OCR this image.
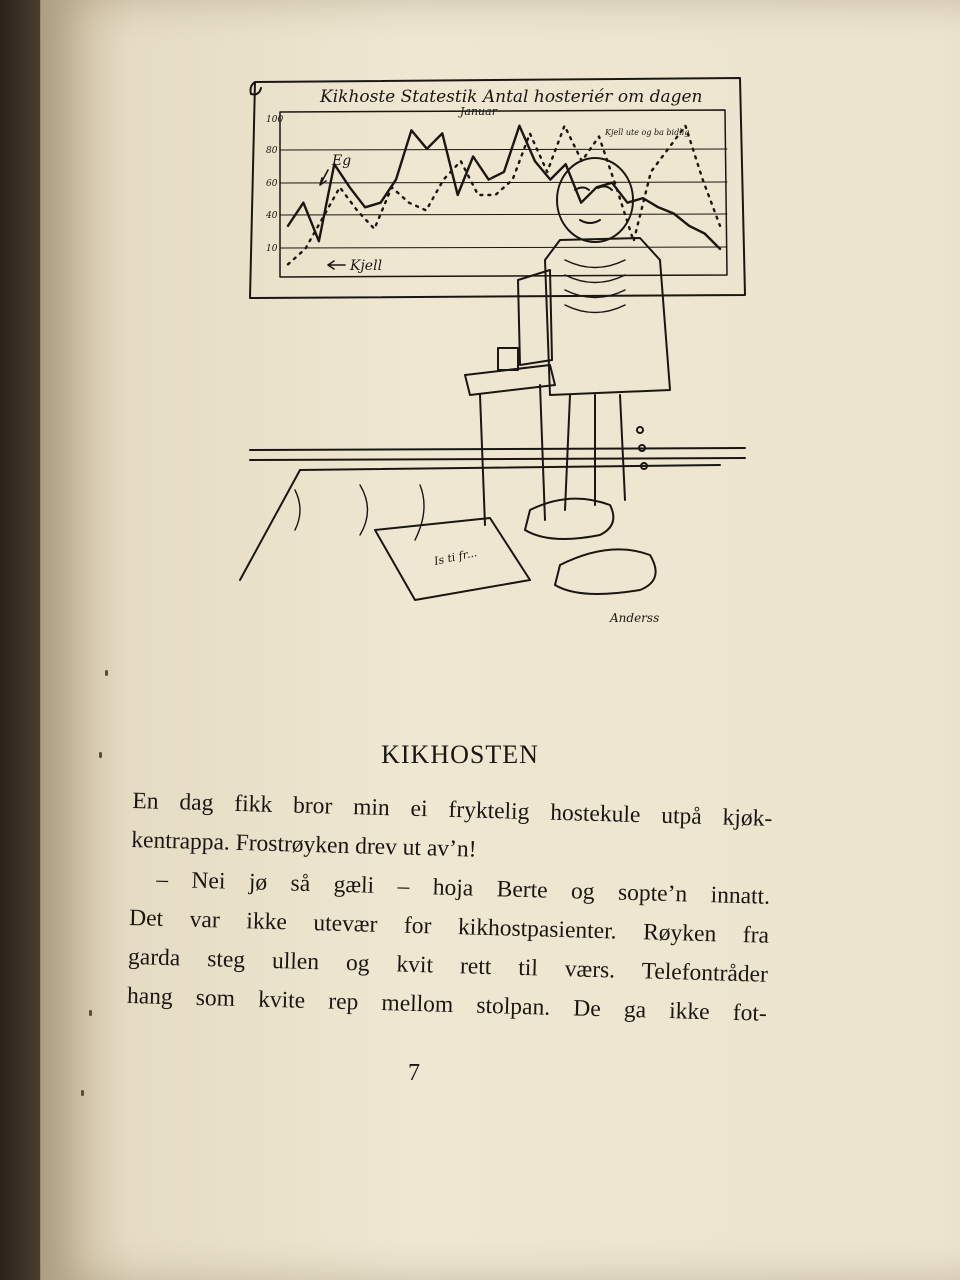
Kikhoste Statestik Antal hosteriér om dagen
Januar
100
80
60
40
10
Eg
Kjell
Kjell ute og ba bidlig
Anderss
Is ti fr...
KIKHOSTEN

En dag fikk bror min ei fryktelig hostekule utpå kjøk-

kentrappa. Frostrøyken drev ut av’n!

– Nei jø så gæli – hoja Berte og sopte’n innatt.

Det var ikke utevær for kikhostpasienter. Røyken fra

garda steg ullen og kvit rett til værs. Telefontråder

hang som kvite rep mellom stolpan. De ga ikke fot-

7
